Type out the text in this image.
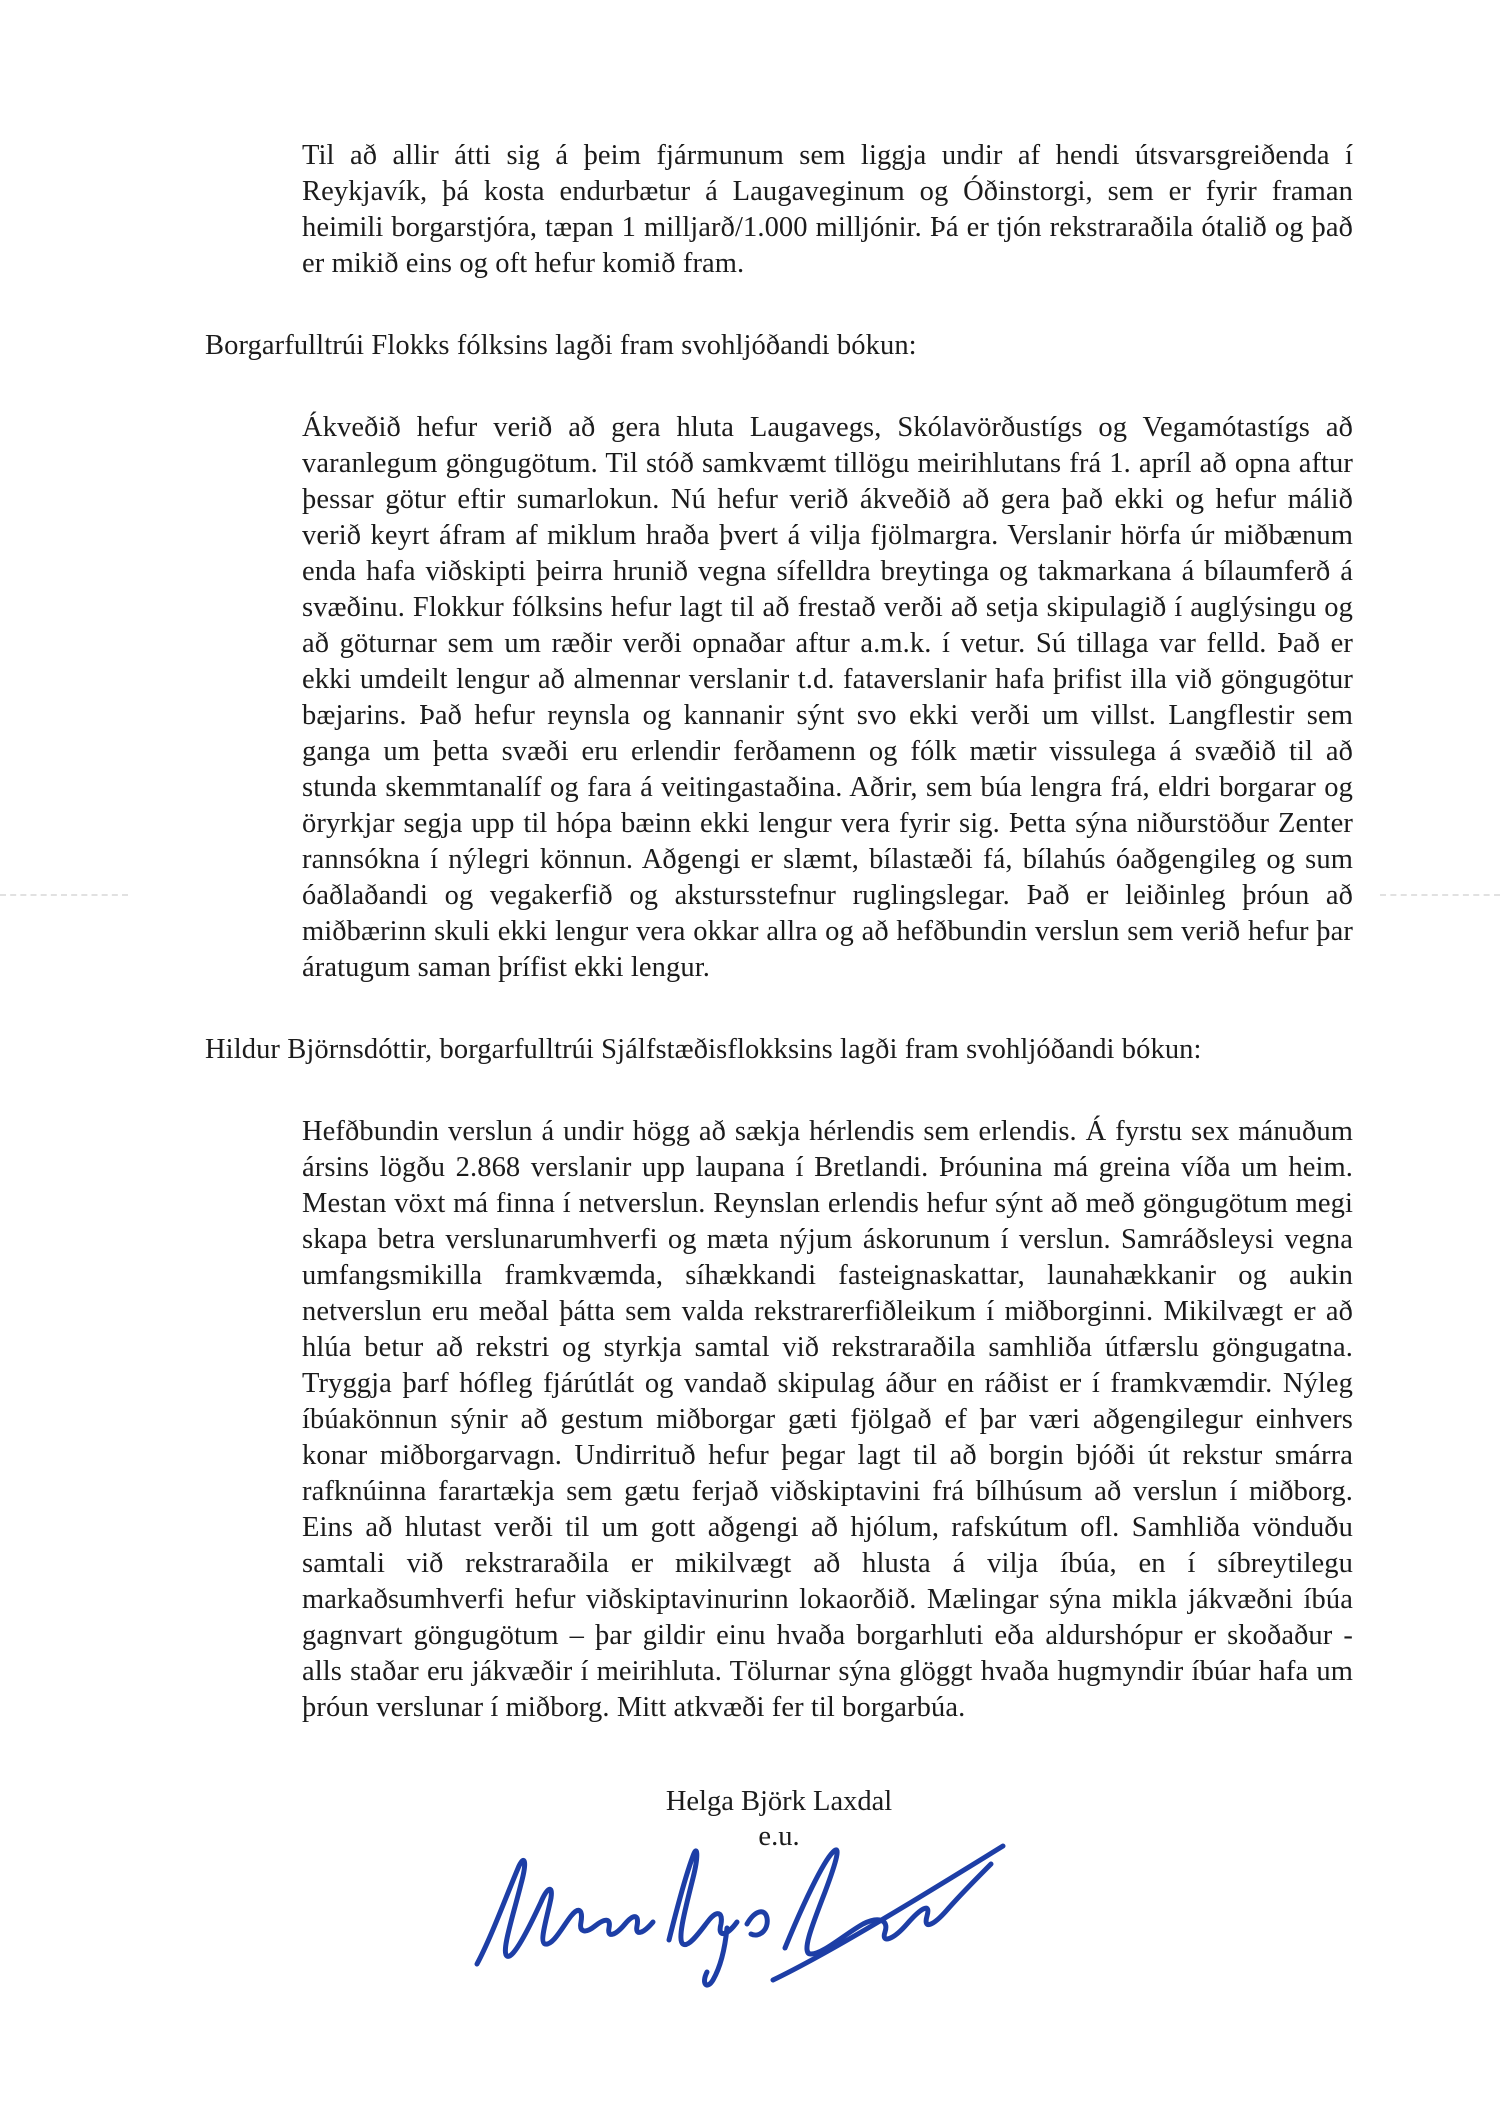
Til að allir átti sig á þeim fjármunum sem liggja undir af hendi útsvarsgreiðenda í Reykjavík, þá kosta endurbætur á Laugaveginum og Óðinstorgi, sem er fyrir framan heimili borgarstjóra, tæpan 1 milljarð/1.000 milljónir. Þá er tjón rekstraraðila ótalið og það er mikið eins og oft hefur komið fram.

Borgarfulltrúi Flokks fólksins lagði fram svohljóðandi bókun:

Ákveðið hefur verið að gera hluta Laugavegs, Skólavörðustígs og Vegamótastígs að varanlegum göngugötum. Til stóð samkvæmt tillögu meirihlutans frá 1. apríl að opna aftur þessar götur eftir sumarlokun. Nú hefur verið ákveðið að gera það ekki og hefur málið verið keyrt áfram af miklum hraða þvert á vilja fjölmargra. Verslanir hörfa úr miðbænum enda hafa viðskipti þeirra hrunið vegna sífelldra breytinga og takmarkana á bílaumferð á svæðinu. Flokkur fólksins hefur lagt til að frestað verði að setja skipulagið í auglýsingu og að göturnar sem um ræðir verði opnaðar aftur a.m.k. í vetur. Sú tillaga var felld. Það er ekki umdeilt lengur að almennar verslanir t.d. fataverslanir hafa þrifist illa við göngugötur bæjarins. Það hefur reynsla og kannanir sýnt svo ekki verði um villst. Langflestir sem ganga um þetta svæði eru erlendir ferðamenn og fólk mætir vissulega á svæðið til að stunda skemmtanalíf og fara á veitingastaðina. Aðrir, sem búa lengra frá, eldri borgarar og öryrkjar segja upp til hópa bæinn ekki lengur vera fyrir sig. Þetta sýna niðurstöður Zenter rannsókna í nýlegri könnun. Aðgengi er slæmt, bílastæði fá, bílahús óaðgengileg og sum óaðlaðandi og vegakerfið og akstursstefnur ruglingslegar. Það er leiðinleg þróun að miðbærinn skuli ekki lengur vera okkar allra og að hefðbundin verslun sem verið hefur þar áratugum saman þrífist ekki lengur.

Hildur Björnsdóttir, borgarfulltrúi Sjálfstæðisflokksins lagði fram svohljóðandi bókun:

Hefðbundin verslun á undir högg að sækja hérlendis sem erlendis. Á fyrstu sex mánuðum ársins lögðu 2.868 verslanir upp laupana í Bretlandi. Þróunina má greina víða um heim. Mestan vöxt má finna í netverslun. Reynslan erlendis hefur sýnt að með göngugötum megi skapa betra verslunarumhverfi og mæta nýjum áskorunum í verslun. Samráðsleysi vegna umfangsmikilla framkvæmda, síhækkandi fasteignaskattar, launahækkanir og aukin netverslun eru meðal þátta sem valda rekstrarerfiðleikum í miðborginni. Mikilvægt er að hlúa betur að rekstri og styrkja samtal við rekstraraðila samhliða útfærslu göngugatna. Tryggja þarf hófleg fjárútlát og vandað skipulag áður en ráðist er í framkvæmdir. Nýleg íbúakönnun sýnir að gestum miðborgar gæti fjölgað ef þar væri aðgengilegur einhvers konar miðborgarvagn. Undirrituð hefur þegar lagt til að borgin bjóði út rekstur smárra rafknúinna farartækja sem gætu ferjað viðskiptavini frá bílhúsum að verslun í miðborg. Eins að hlutast verði til um gott aðgengi að hjólum, rafskútum ofl. Samhliða vönduðu samtali við rekstraraðila er mikilvægt að hlusta á vilja íbúa, en í síbreytilegu markaðsumhverfi hefur viðskiptavinurinn lokaorðið. Mælingar sýna mikla jákvæðni íbúa gagnvart göngugötum – þar gildir einu hvaða borgarhluti eða aldurshópur er skoðaður - alls staðar eru jákvæðir í meirihluta. Tölurnar sýna glöggt hvaða hugmyndir íbúar hafa um þróun verslunar í miðborg. Mitt atkvæði fer til borgarbúa.

Helga Björk Laxdal
e.u.
